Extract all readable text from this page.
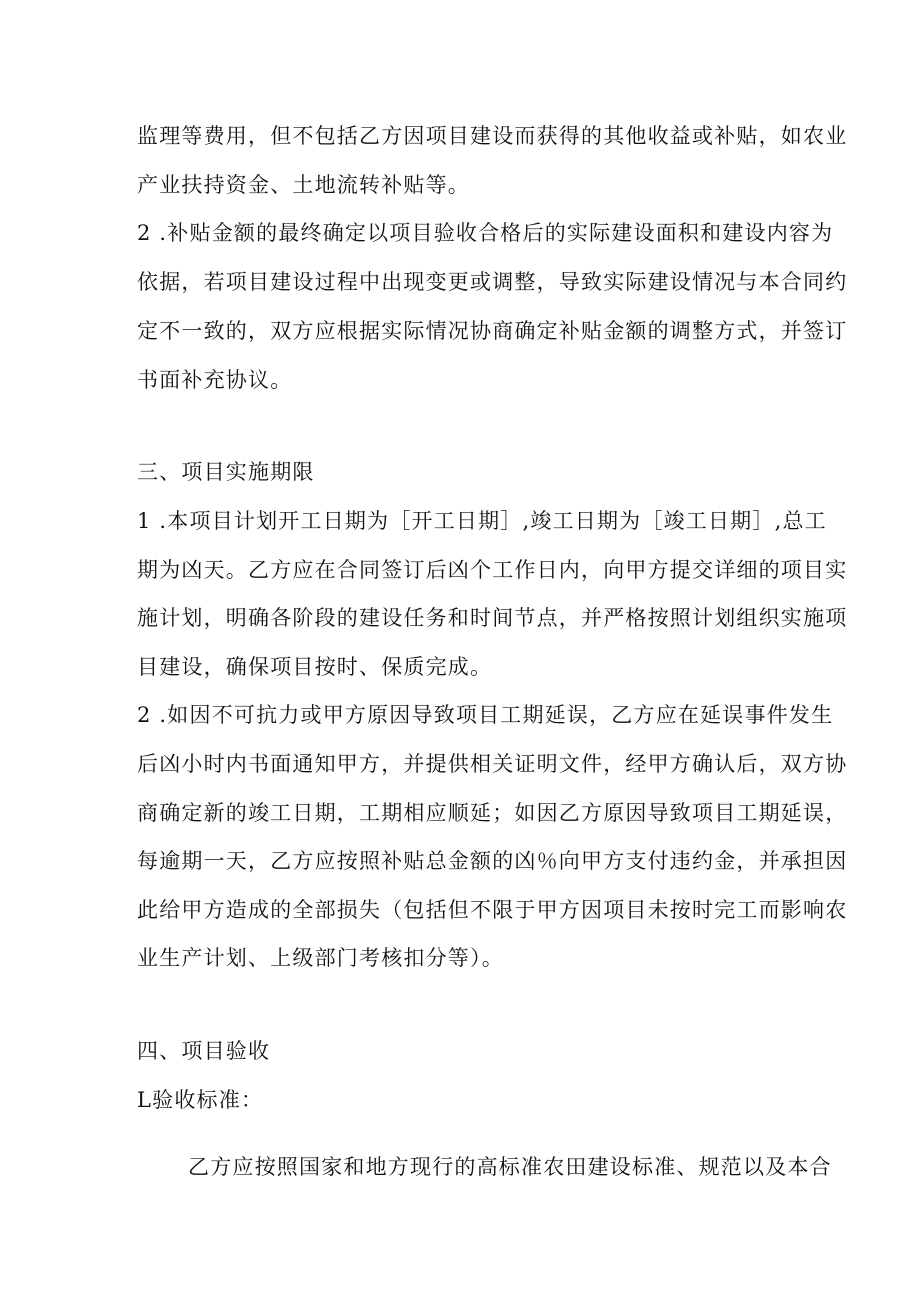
监理等费用，但不包括乙方因项目建设而获得的其他收益或补贴，如农业
产业扶持资金、土地流转补贴等。
2 .补贴金额的最终确定以项目验收合格后的实际建设面积和建设内容为
依据，若项目建设过程中出现变更或调整，导致实际建设情况与本合同约
定不一致的，双方应根据实际情况协商确定补贴金额的调整方式，并签订
书面补充协议。
三、项目实施期限
1 .本项目计划开工日期为［开工日期］,竣工日期为［竣工日期］,总工
期为凶天。乙方应在合同签订后凶个工作日内，向甲方提交详细的项目实
施计划，明确各阶段的建设任务和时间节点，并严格按照计划组织实施项
目建设，确保项目按时、保质完成。
2 .如因不可抗力或甲方原因导致项目工期延误，乙方应在延误事件发生
后凶小时内书面通知甲方，并提供相关证明文件，经甲方确认后，双方协
商确定新的竣工日期，工期相应顺延；如因乙方原因导致项目工期延误，
每逾期一天，乙方应按照补贴总金额的凶％向甲方支付违约金，并承担因
此给甲方造成的全部损失（包括但不限于甲方因项目未按时完工而影响农
业生产计划、上级部门考核扣分等）。
四、项目验收
L验收标准：
乙方应按照国家和地方现行的高标准农田建设标准、规范以及本合
